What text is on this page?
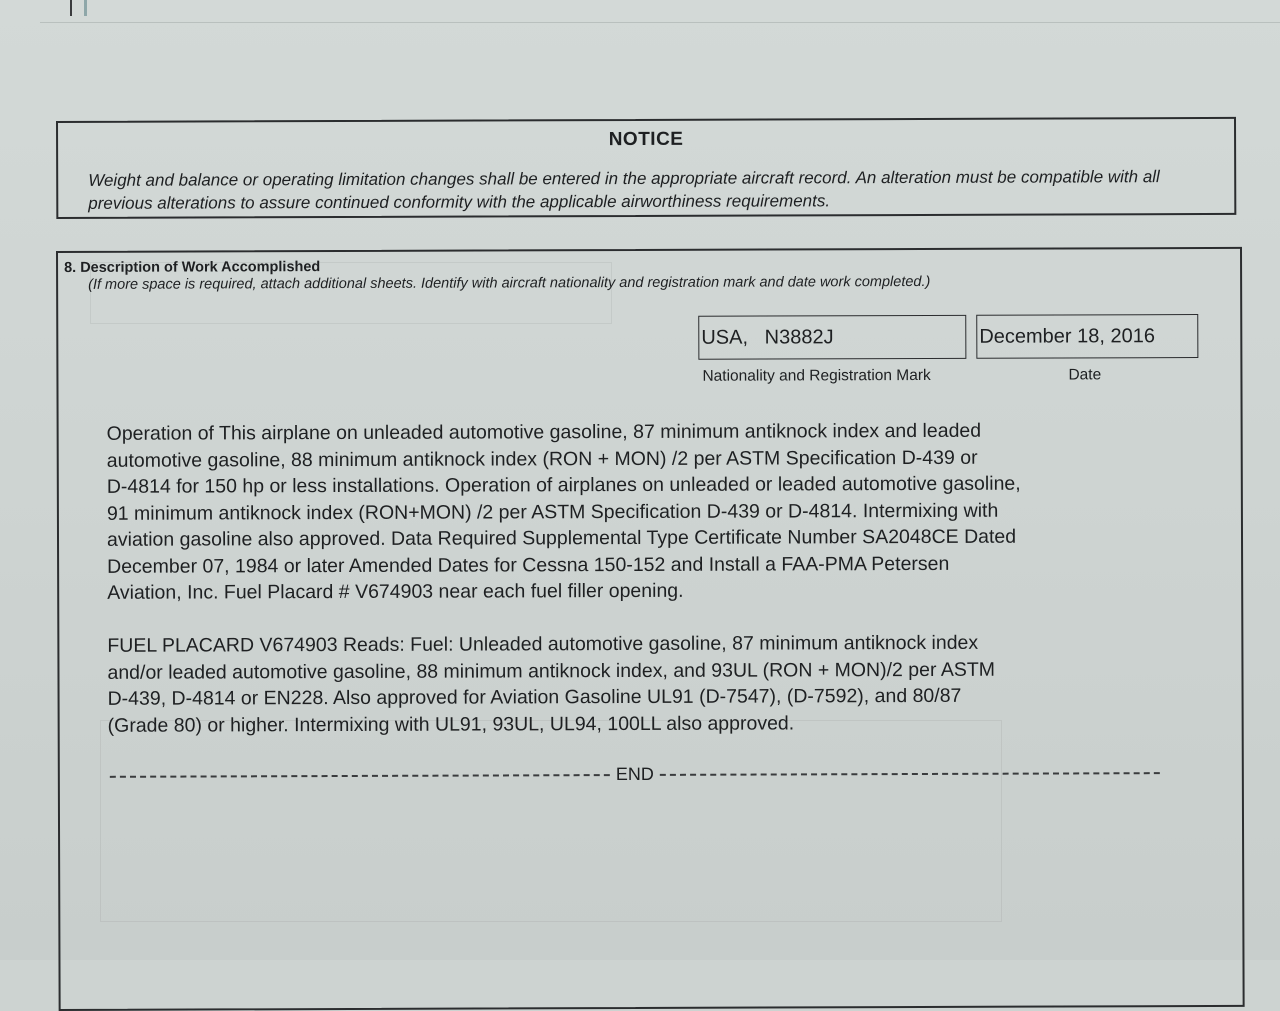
NOTICE
Weight and balance or operating limitation changes shall be entered in the appropriate aircraft record. An alteration must be compatible with all previous alterations to assure continued conformity with the applicable airworthiness requirements.
8. Description of Work Accomplished
(If more space is required, attach additional sheets. Identify with aircraft nationality and registration mark and date work completed.)
USA,   N3882J	December 18, 2016
Nationality and Registration Mark	Date
Operation of This airplane on unleaded automotive gasoline, 87 minimum antiknock index and leaded
automotive gasoline, 88 minimum antiknock index (RON + MON) /2 per ASTM Specification D-439 or
D-4814 for 150 hp or less installations. Operation of airplanes on unleaded or leaded automotive gasoline,
91 minimum antiknock index (RON+MON) /2 per ASTM Specification D-439 or D-4814. Intermixing with
aviation gasoline also approved. Data Required Supplemental Type Certificate Number SA2048CE Dated
December 07, 1984 or later Amended Dates for Cessna 150-152 and Install a FAA-PMA Petersen
Aviation, Inc. Fuel Placard # V674903 near each fuel filler opening.
FUEL PLACARD V674903 Reads: Fuel: Unleaded automotive gasoline, 87 minimum antiknock index
and/or leaded automotive gasoline, 88 minimum antiknock index, and 93UL (RON + MON)/2 per ASTM
D-439, D-4814 or EN228. Also approved for Aviation Gasoline UL91 (D-7547), (D-7592), and 80/87
(Grade 80) or higher. Intermixing with UL91, 93UL, UL94, 100LL also approved.
END
